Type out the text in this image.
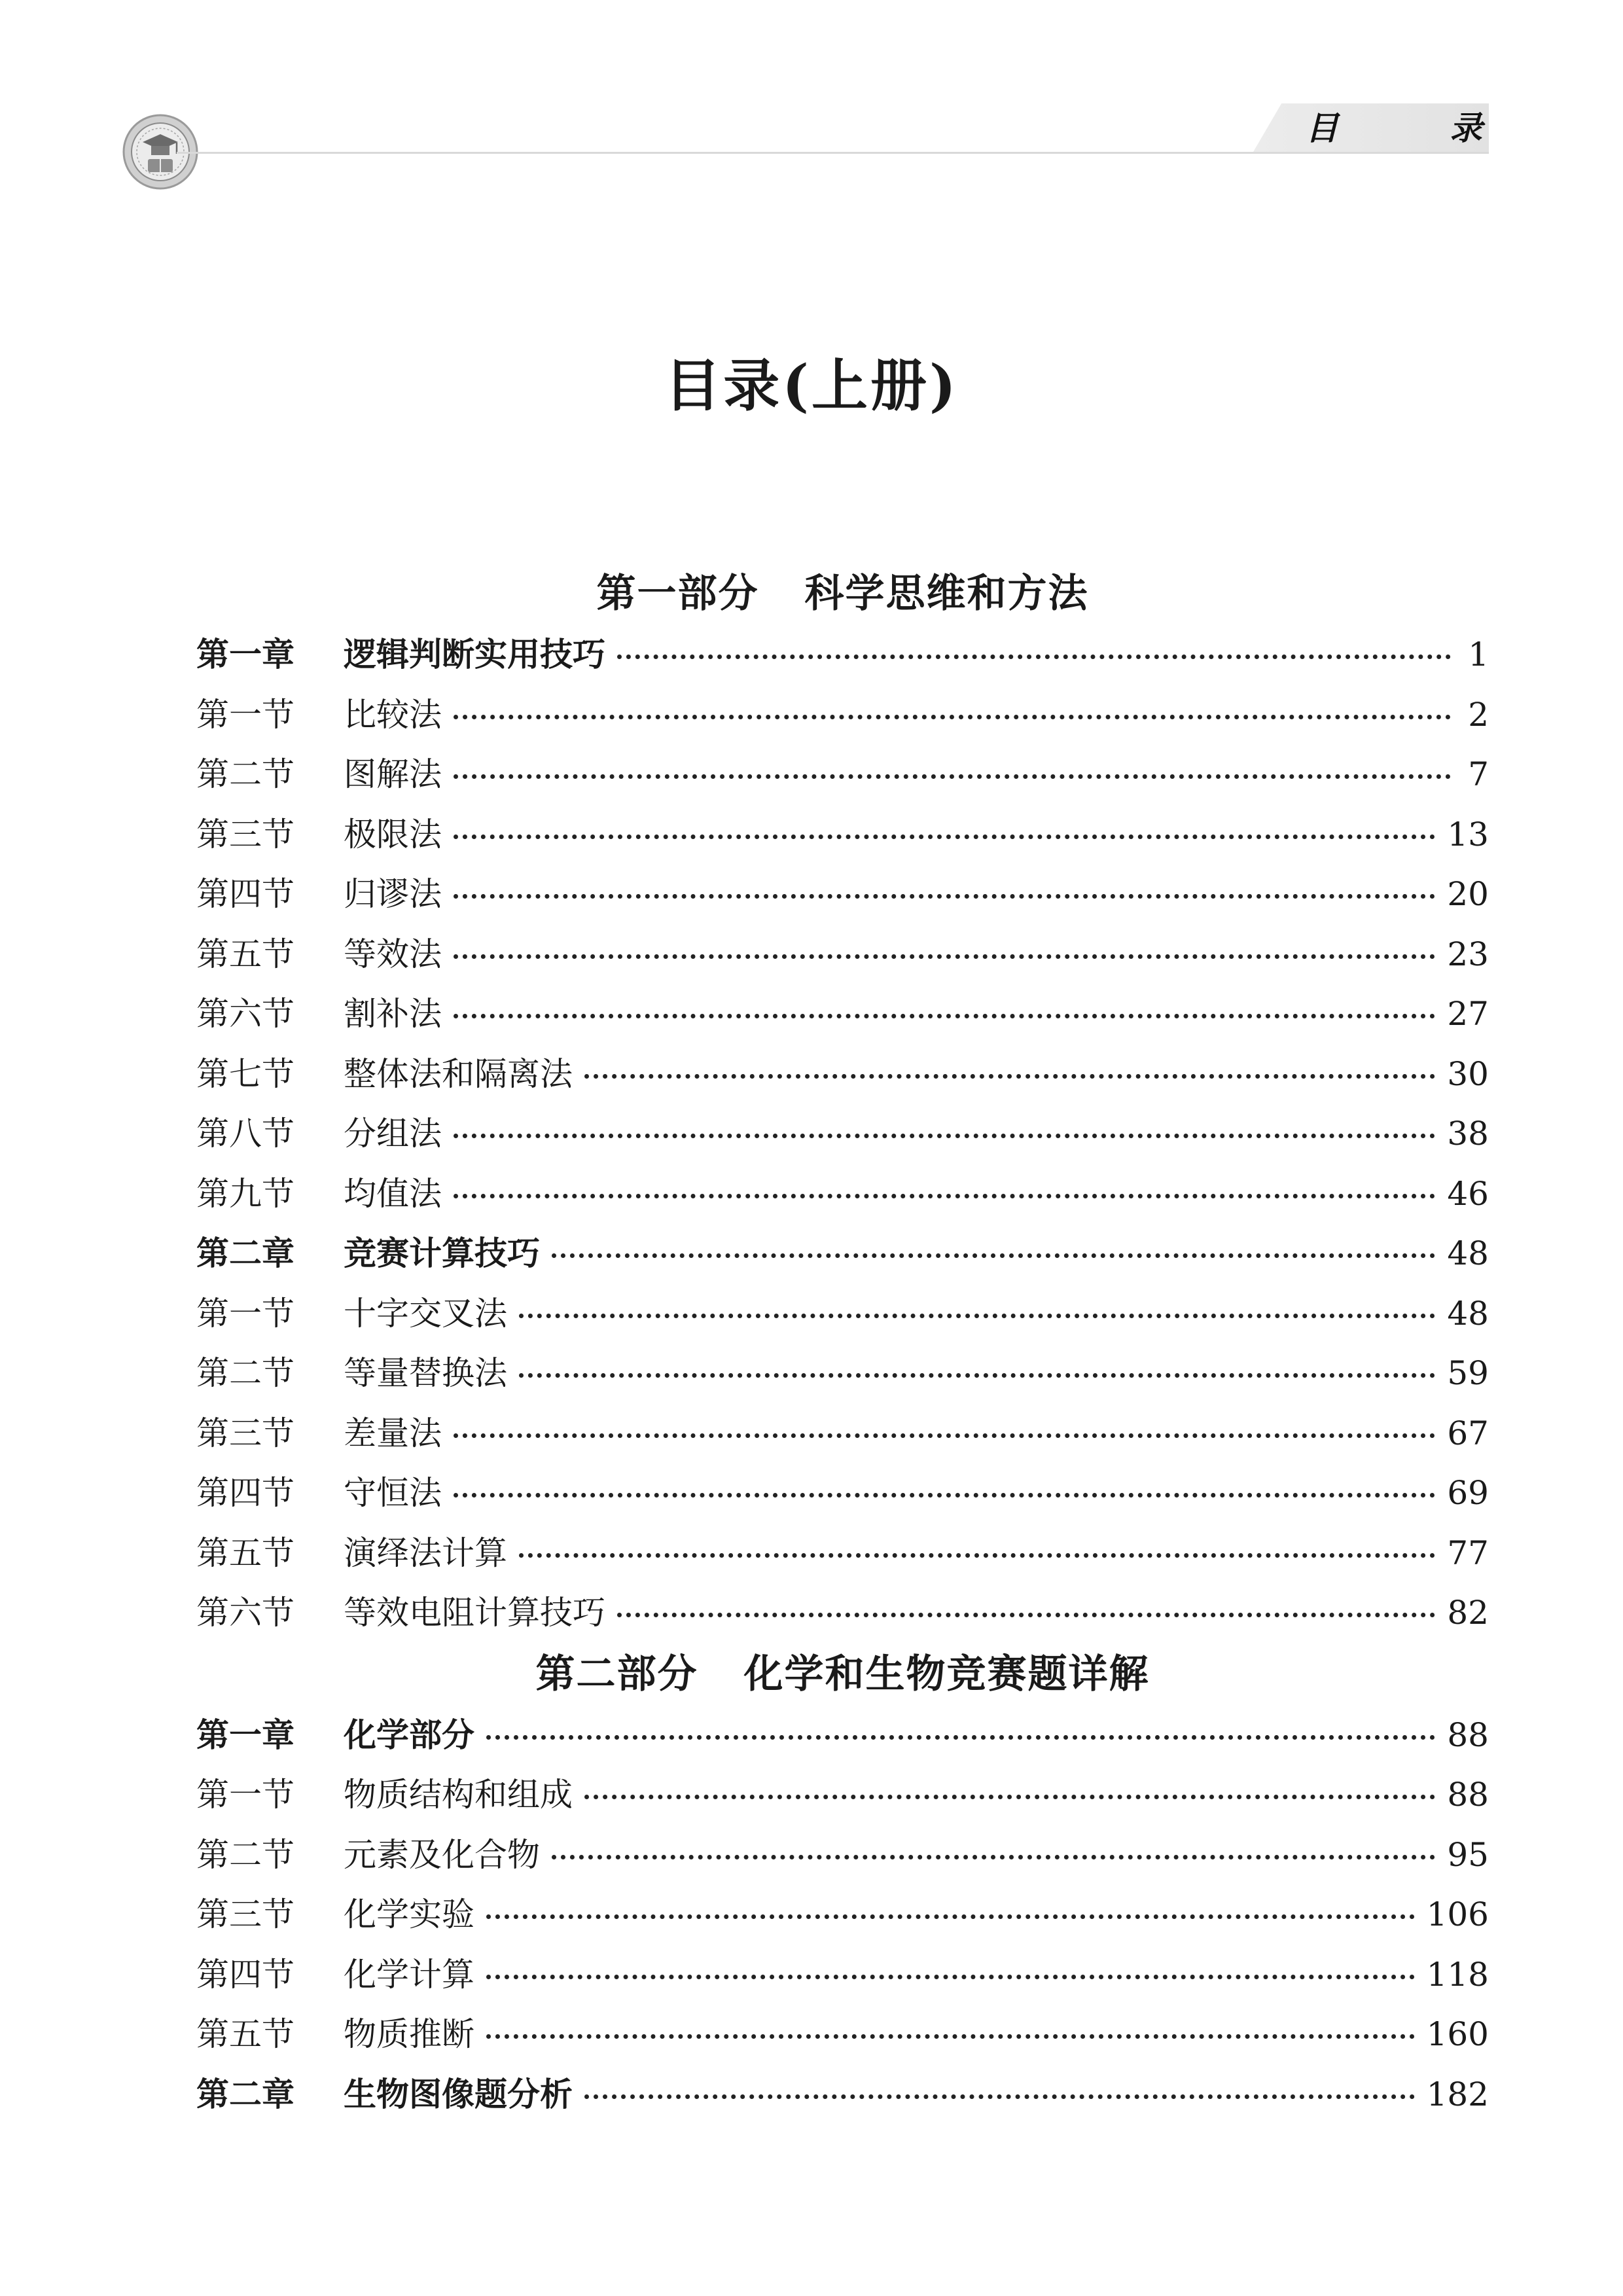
目	录
目录(上册)
第一部分 科学思维和方法
第一章	逻辑判断实用技巧	1
第一节	比较法	2
第二节	图解法	7
第三节	极限法	13
第四节	归谬法	20
第五节	等效法	23
第六节	割补法	27
第七节	整体法和隔离法	30
第八节	分组法	38
第九节	均值法	46
第二章	竞赛计算技巧	48
第一节	十字交叉法	48
第二节	等量替换法	59
第三节	差量法	67
第四节	守恒法	69
第五节	演绎法计算	77
第六节	等效电阻计算技巧	82
第二部分 化学和生物竞赛题详解
第一章	化学部分	88
第一节	物质结构和组成	88
第二节	元素及化合物	95
第三节	化学实验	106
第四节	化学计算	118
第五节	物质推断	160
第二章	生物图像题分析	182
